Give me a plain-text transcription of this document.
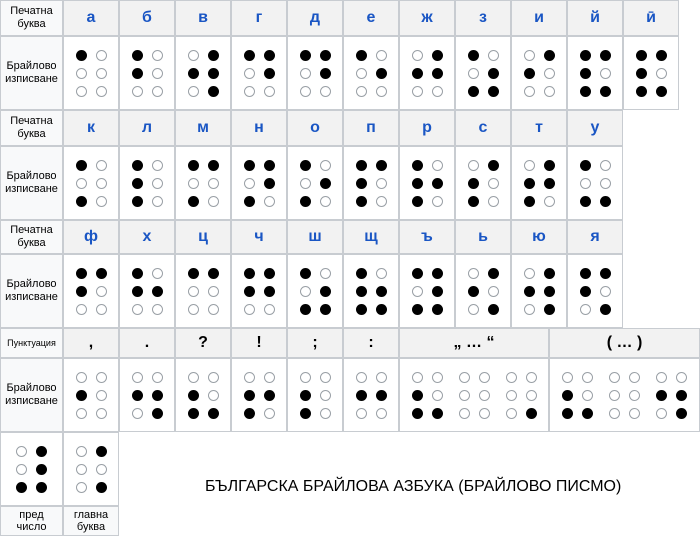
Печатна
буква
Брайлово
изписване
а	б	в	г	д	е	ж	з	и	й	ӣ
Печатна
буква
Брайлово
изписване
к	л	м	н	о	п	р	с	т	у
Печатна
буква
Брайлово
изписване
ф	х	ц	ч	ш	щ	ъ	ь	ю	я
Пунктуация
Брайлово
изписване
,	.	?	!	;	:	„ … “	( … )
пред
число
главна
буква
БЪЛГАРСКА БРАЙЛОВА АЗБУКА (БРАЙЛОВО ПИСМО)
